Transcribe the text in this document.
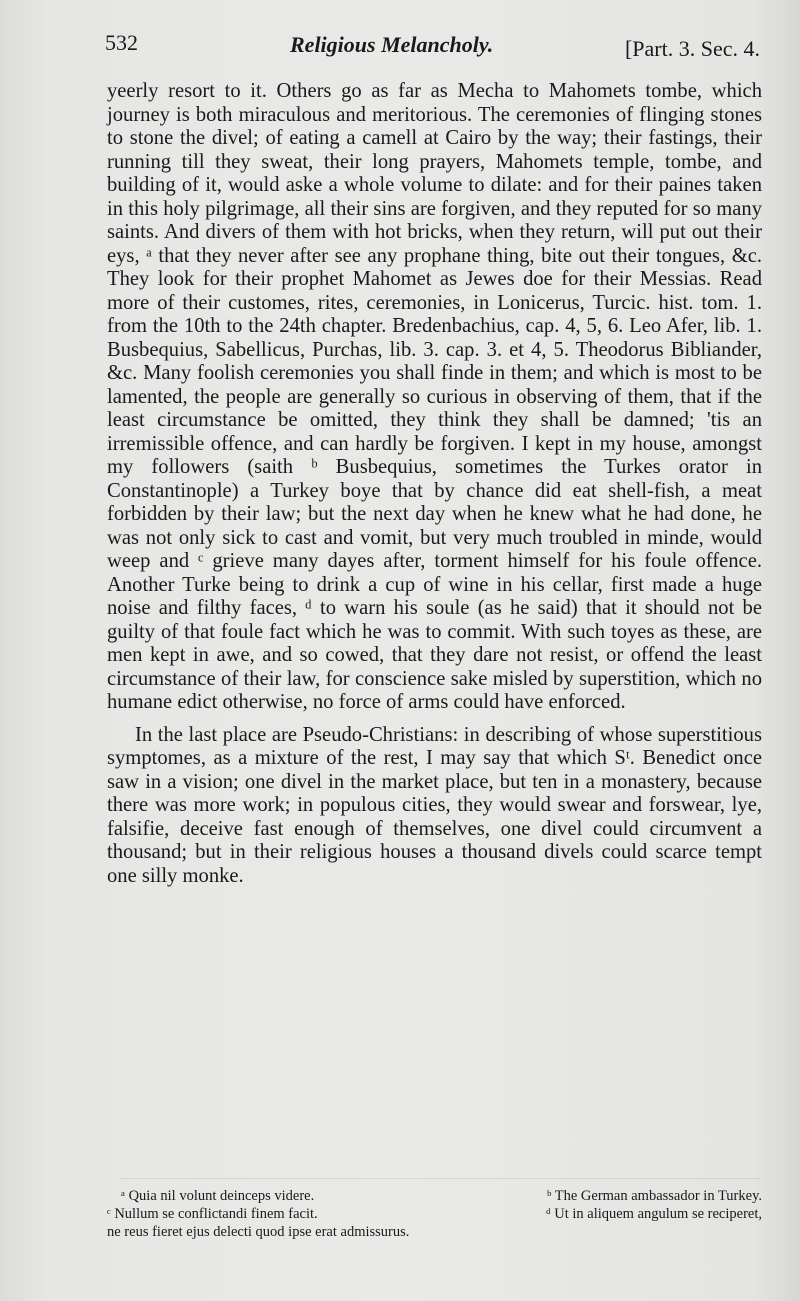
532	Religious Melancholy.	[Part. 3. Sec. 4.

yeerly resort to it. Others go as far as Mecha to Mahomets tombe, which journey is both miraculous and meritorious. The ceremonies of flinging stones to stone the divel; of eating a camell at Cairo by the way; their fastings, their running till they sweat, their long prayers, Mahomets temple, tombe, and building of it, would aske a whole volume to dilate: and for their paines taken in this holy pilgrimage, all their sins are forgiven, and they reputed for so many saints. And divers of them with hot bricks, when they return, will put out their eys, ᵃ that they never after see any prophane thing, bite out their tongues, &c. They look for their prophet Mahomet as Jewes doe for their Messias. Read more of their customes, rites, ceremonies, in Lonicerus, Turcic. hist. tom. 1. from the 10th to the 24th chapter. Bredenbachius, cap. 4, 5, 6. Leo Afer, lib. 1. Busbequius, Sabellicus, Purchas, lib. 3. cap. 3. et 4, 5. Theodorus Bibliander, &c. Many foolish ceremonies you shall finde in them; and which is most to be lamented, the people are generally so curious in observing of them, that if the least circumstance be omitted, they think they shall be damned; 'tis an irremissible offence, and can hardly be forgiven. I kept in my house, amongst my followers (saith ᵇ Busbequius, sometimes the Turkes orator in Constantinople) a Turkey boye that by chance did eat shell-fish, a meat forbidden by their law; but the next day when he knew what he had done, he was not only sick to cast and vomit, but very much troubled in minde, would weep and ᶜ grieve many dayes after, torment himself for his foule offence. Another Turke being to drink a cup of wine in his cellar, first made a huge noise and filthy faces, ᵈ to warn his soule (as he said) that it should not be guilty of that foule fact which he was to commit. With such toyes as these, are men kept in awe, and so cowed, that they dare not resist, or offend the least circumstance of their law, for conscience sake misled by superstition, which no humane edict otherwise, no force of arms could have enforced.

In the last place are Pseudo-Christians: in describing of whose superstitious symptomes, as a mixture of the rest, I may say that which Sᵗ. Benedict once saw in a vision; one divel in the market place, but ten in a monastery, because there was more work; in populous cities, they would swear and forswear, lye, falsifie, deceive fast enough of themselves, one divel could circumvent a thousand; but in their religious houses a thousand divels could scarce tempt one silly monke.

ᵃ Quia nil volunt deinceps videre.	ᵇ The German ambassador in Turkey.
ᶜ Nullum se conflictandi finem facit.	ᵈ Ut in aliquem angulum se reciperet,
ne reus fieret ejus delecti quod ipse erat admissurus.
